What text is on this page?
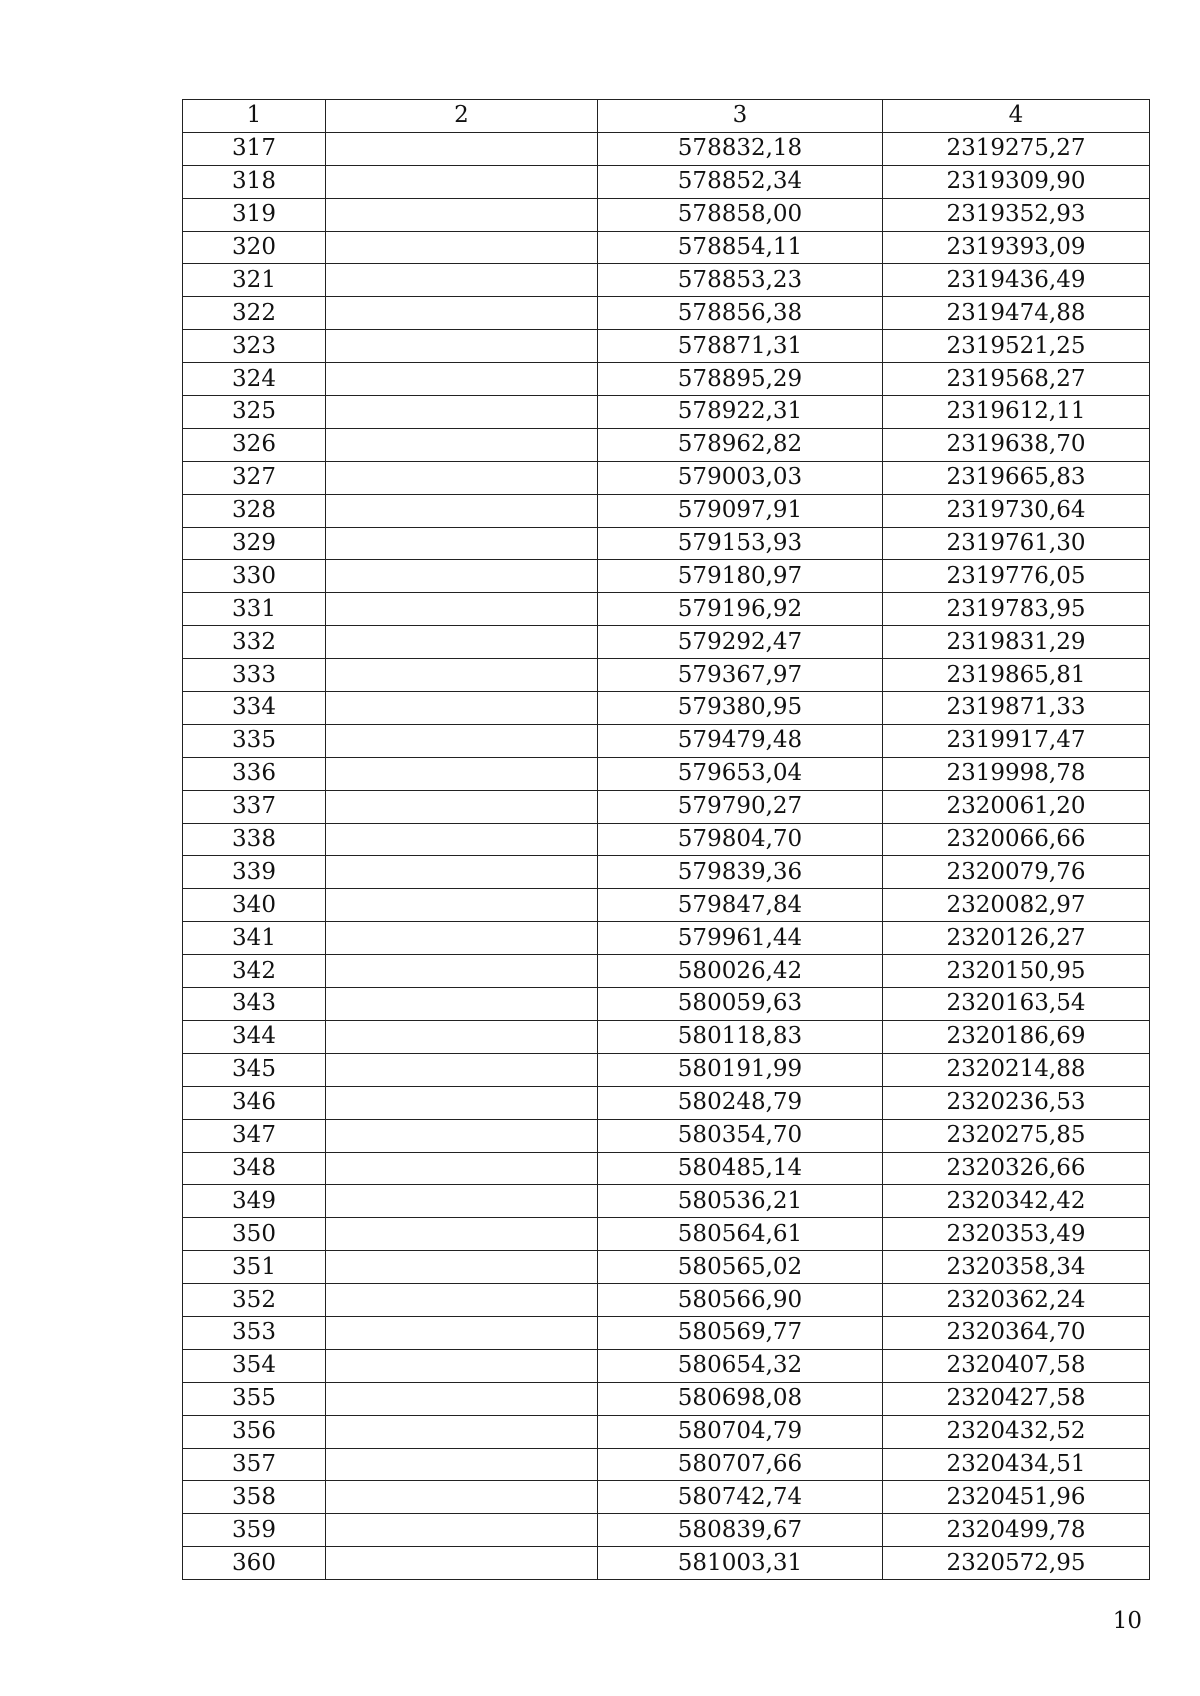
1	2	3	4
317		578832,18	2319275,27
318		578852,34	2319309,90
319		578858,00	2319352,93
320		578854,11	2319393,09
321		578853,23	2319436,49
322		578856,38	2319474,88
323		578871,31	2319521,25
324		578895,29	2319568,27
325		578922,31	2319612,11
326		578962,82	2319638,70
327		579003,03	2319665,83
328		579097,91	2319730,64
329		579153,93	2319761,30
330		579180,97	2319776,05
331		579196,92	2319783,95
332		579292,47	2319831,29
333		579367,97	2319865,81
334		579380,95	2319871,33
335		579479,48	2319917,47
336		579653,04	2319998,78
337		579790,27	2320061,20
338		579804,70	2320066,66
339		579839,36	2320079,76
340		579847,84	2320082,97
341		579961,44	2320126,27
342		580026,42	2320150,95
343		580059,63	2320163,54
344		580118,83	2320186,69
345		580191,99	2320214,88
346		580248,79	2320236,53
347		580354,70	2320275,85
348		580485,14	2320326,66
349		580536,21	2320342,42
350		580564,61	2320353,49
351		580565,02	2320358,34
352		580566,90	2320362,24
353		580569,77	2320364,70
354		580654,32	2320407,58
355		580698,08	2320427,58
356		580704,79	2320432,52
357		580707,66	2320434,51
358		580742,74	2320451,96
359		580839,67	2320499,78
360		581003,31	2320572,95
10
